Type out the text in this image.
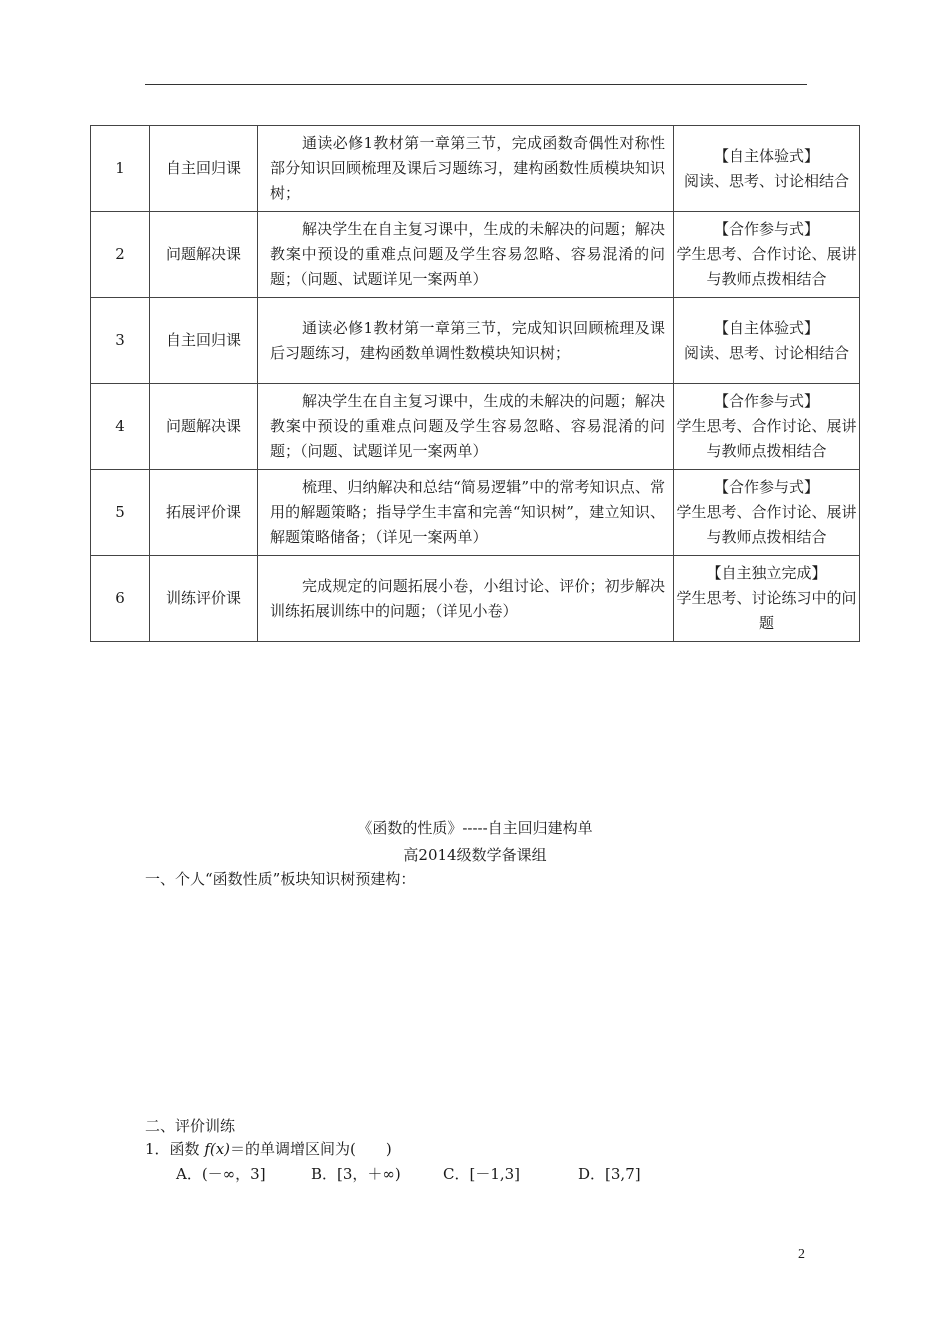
1	自主回归课	通读必修1教材第一章第三节，完成函数奇偶性对称性部分知识回顾梳理及课后习题练习，建构函数性质模块知识树；	【自主体验式】
阅读、思考、讨论相结合
2	问题解决课	解决学生在自主复习课中，生成的未解决的问题；解决教案中预设的重难点问题及学生容易忽略、容易混淆的问题；（问题、试题详见一案两单）	【合作参与式】
学生思考、合作讨论、展讲与教师点拨相结合
3	自主回归课	通读必修1教材第一章第三节，完成知识回顾梳理及课后习题练习，建构函数单调性数模块知识树；	【自主体验式】
阅读、思考、讨论相结合
4	问题解决课	解决学生在自主复习课中，生成的未解决的问题；解决教案中预设的重难点问题及学生容易忽略、容易混淆的问题；（问题、试题详见一案两单）	【合作参与式】
学生思考、合作讨论、展讲与教师点拨相结合
5	拓展评价课	梳理、归纳解决和总结“简易逻辑”中的常考知识点、常用的解题策略；指导学生丰富和完善“知识树”，建立知识、解题策略储备；（详见一案两单）	【合作参与式】
学生思考、合作讨论、展讲与教师点拨相结合
6	训练评价课	完成规定的问题拓展小卷，小组讨论、评价；初步解决训练拓展训练中的问题；（详见小卷）	【自主独立完成】
学生思考、讨论练习中的问题
《函数的性质》-----自主回归建构单
高2014级数学备课组
一、个人“函数性质”板块知识树预建构：
二、评价训练
1．函数 f(x)＝的单调增区间为(　　)
A．(－∞，3]	B．[3，＋∞)	C．[－1,3]	D．[3,7]
2
